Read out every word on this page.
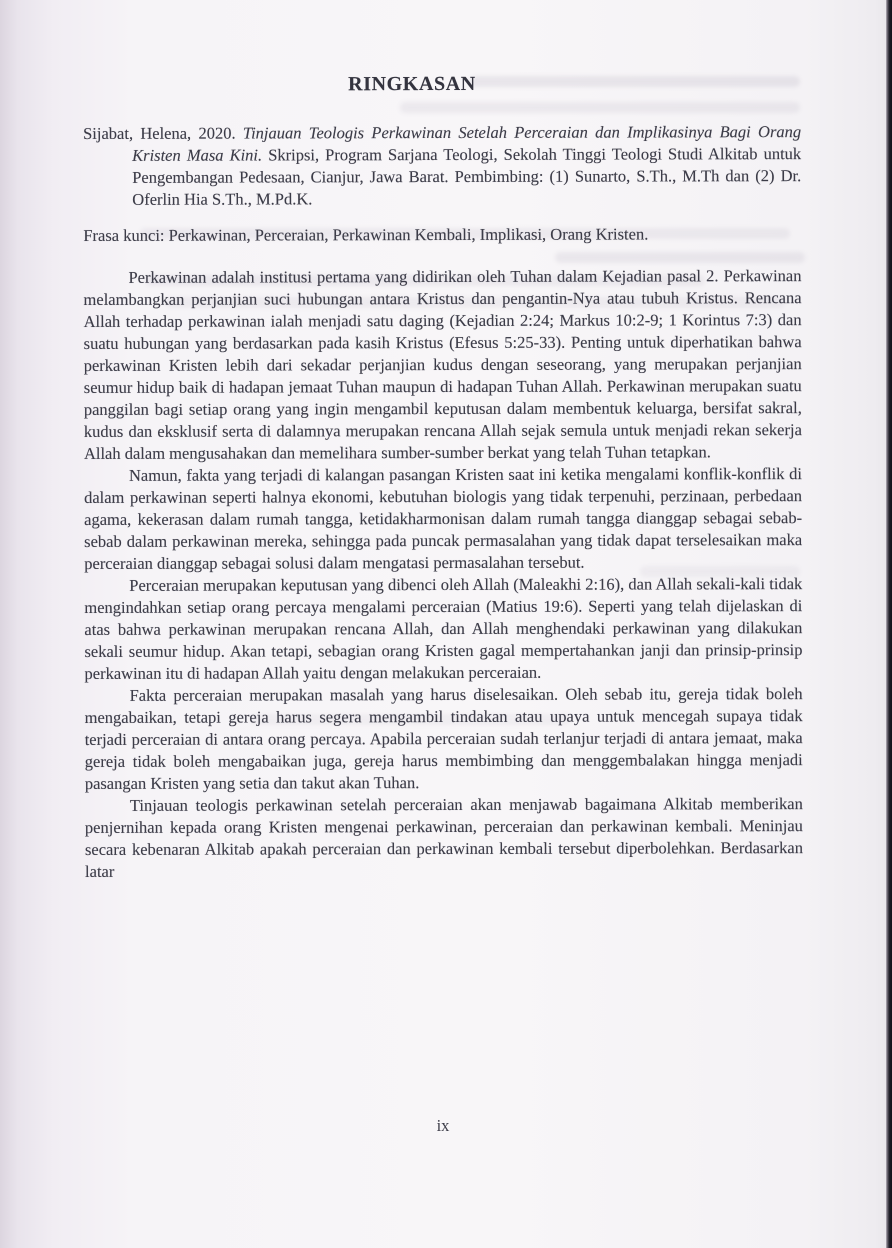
RINGKASAN

Sijabat, Helena, 2020. Tinjauan Teologis Perkawinan Setelah Perceraian dan Implikasinya Bagi Orang Kristen Masa Kini. Skripsi, Program Sarjana Teologi, Sekolah Tinggi Teologi Studi Alkitab untuk Pengembangan Pedesaan, Cianjur, Jawa Barat. Pembimbing: (1) Sunarto, S.Th., M.Th dan (2) Dr. Oferlin Hia S.Th., M.Pd.K.

Frasa kunci: Perkawinan, Perceraian, Perkawinan Kembali, Implikasi, Orang Kristen.

Perkawinan adalah institusi pertama yang didirikan oleh Tuhan dalam Kejadian pasal 2. Perkawinan melambangkan perjanjian suci hubungan antara Kristus dan pengantin-Nya atau tubuh Kristus. Rencana Allah terhadap perkawinan ialah menjadi satu daging (Kejadian 2:24; Markus 10:2-9; 1 Korintus 7:3) dan suatu hubungan yang berdasarkan pada kasih Kristus (Efesus 5:25-33). Penting untuk diperhatikan bahwa perkawinan Kristen lebih dari sekadar perjanjian kudus dengan seseorang, yang merupakan perjanjian seumur hidup baik di hadapan jemaat Tuhan maupun di hadapan Tuhan Allah. Perkawinan merupakan suatu panggilan bagi setiap orang yang ingin mengambil keputusan dalam membentuk keluarga, bersifat sakral, kudus dan eksklusif serta di dalamnya merupakan rencana Allah sejak semula untuk menjadi rekan sekerja Allah dalam mengusahakan dan memelihara sumber-sumber berkat yang telah Tuhan tetapkan.

Namun, fakta yang terjadi di kalangan pasangan Kristen saat ini ketika mengalami konflik-konflik di dalam perkawinan seperti halnya ekonomi, kebutuhan biologis yang tidak terpenuhi, perzinaan, perbedaan agama, kekerasan dalam rumah tangga, ketidakharmonisan dalam rumah tangga dianggap sebagai sebab-sebab dalam perkawinan mereka, sehingga pada puncak permasalahan yang tidak dapat terselesaikan maka perceraian dianggap sebagai solusi dalam mengatasi permasalahan tersebut.

Perceraian merupakan keputusan yang dibenci oleh Allah (Maleakhi 2:16), dan Allah sekali-kali tidak mengindahkan setiap orang percaya mengalami perceraian (Matius 19:6). Seperti yang telah dijelaskan di atas bahwa perkawinan merupakan rencana Allah, dan Allah menghendaki perkawinan yang dilakukan sekali seumur hidup. Akan tetapi, sebagian orang Kristen gagal mempertahankan janji dan prinsip-prinsip perkawinan itu di hadapan Allah yaitu dengan melakukan perceraian.

Fakta perceraian merupakan masalah yang harus diselesaikan. Oleh sebab itu, gereja tidak boleh mengabaikan, tetapi gereja harus segera mengambil tindakan atau upaya untuk mencegah supaya tidak terjadi perceraian di antara orang percaya. Apabila perceraian sudah terlanjur terjadi di antara jemaat, maka gereja tidak boleh mengabaikan juga, gereja harus membimbing dan menggembalakan hingga menjadi pasangan Kristen yang setia dan takut akan Tuhan.

Tinjauan teologis perkawinan setelah perceraian akan menjawab bagaimana Alkitab memberikan penjernihan kepada orang Kristen mengenai perkawinan, perceraian dan perkawinan kembali. Meninjau secara kebenaran Alkitab apakah perceraian dan perkawinan kembali tersebut diperbolehkan. Berdasarkan latar

ix
